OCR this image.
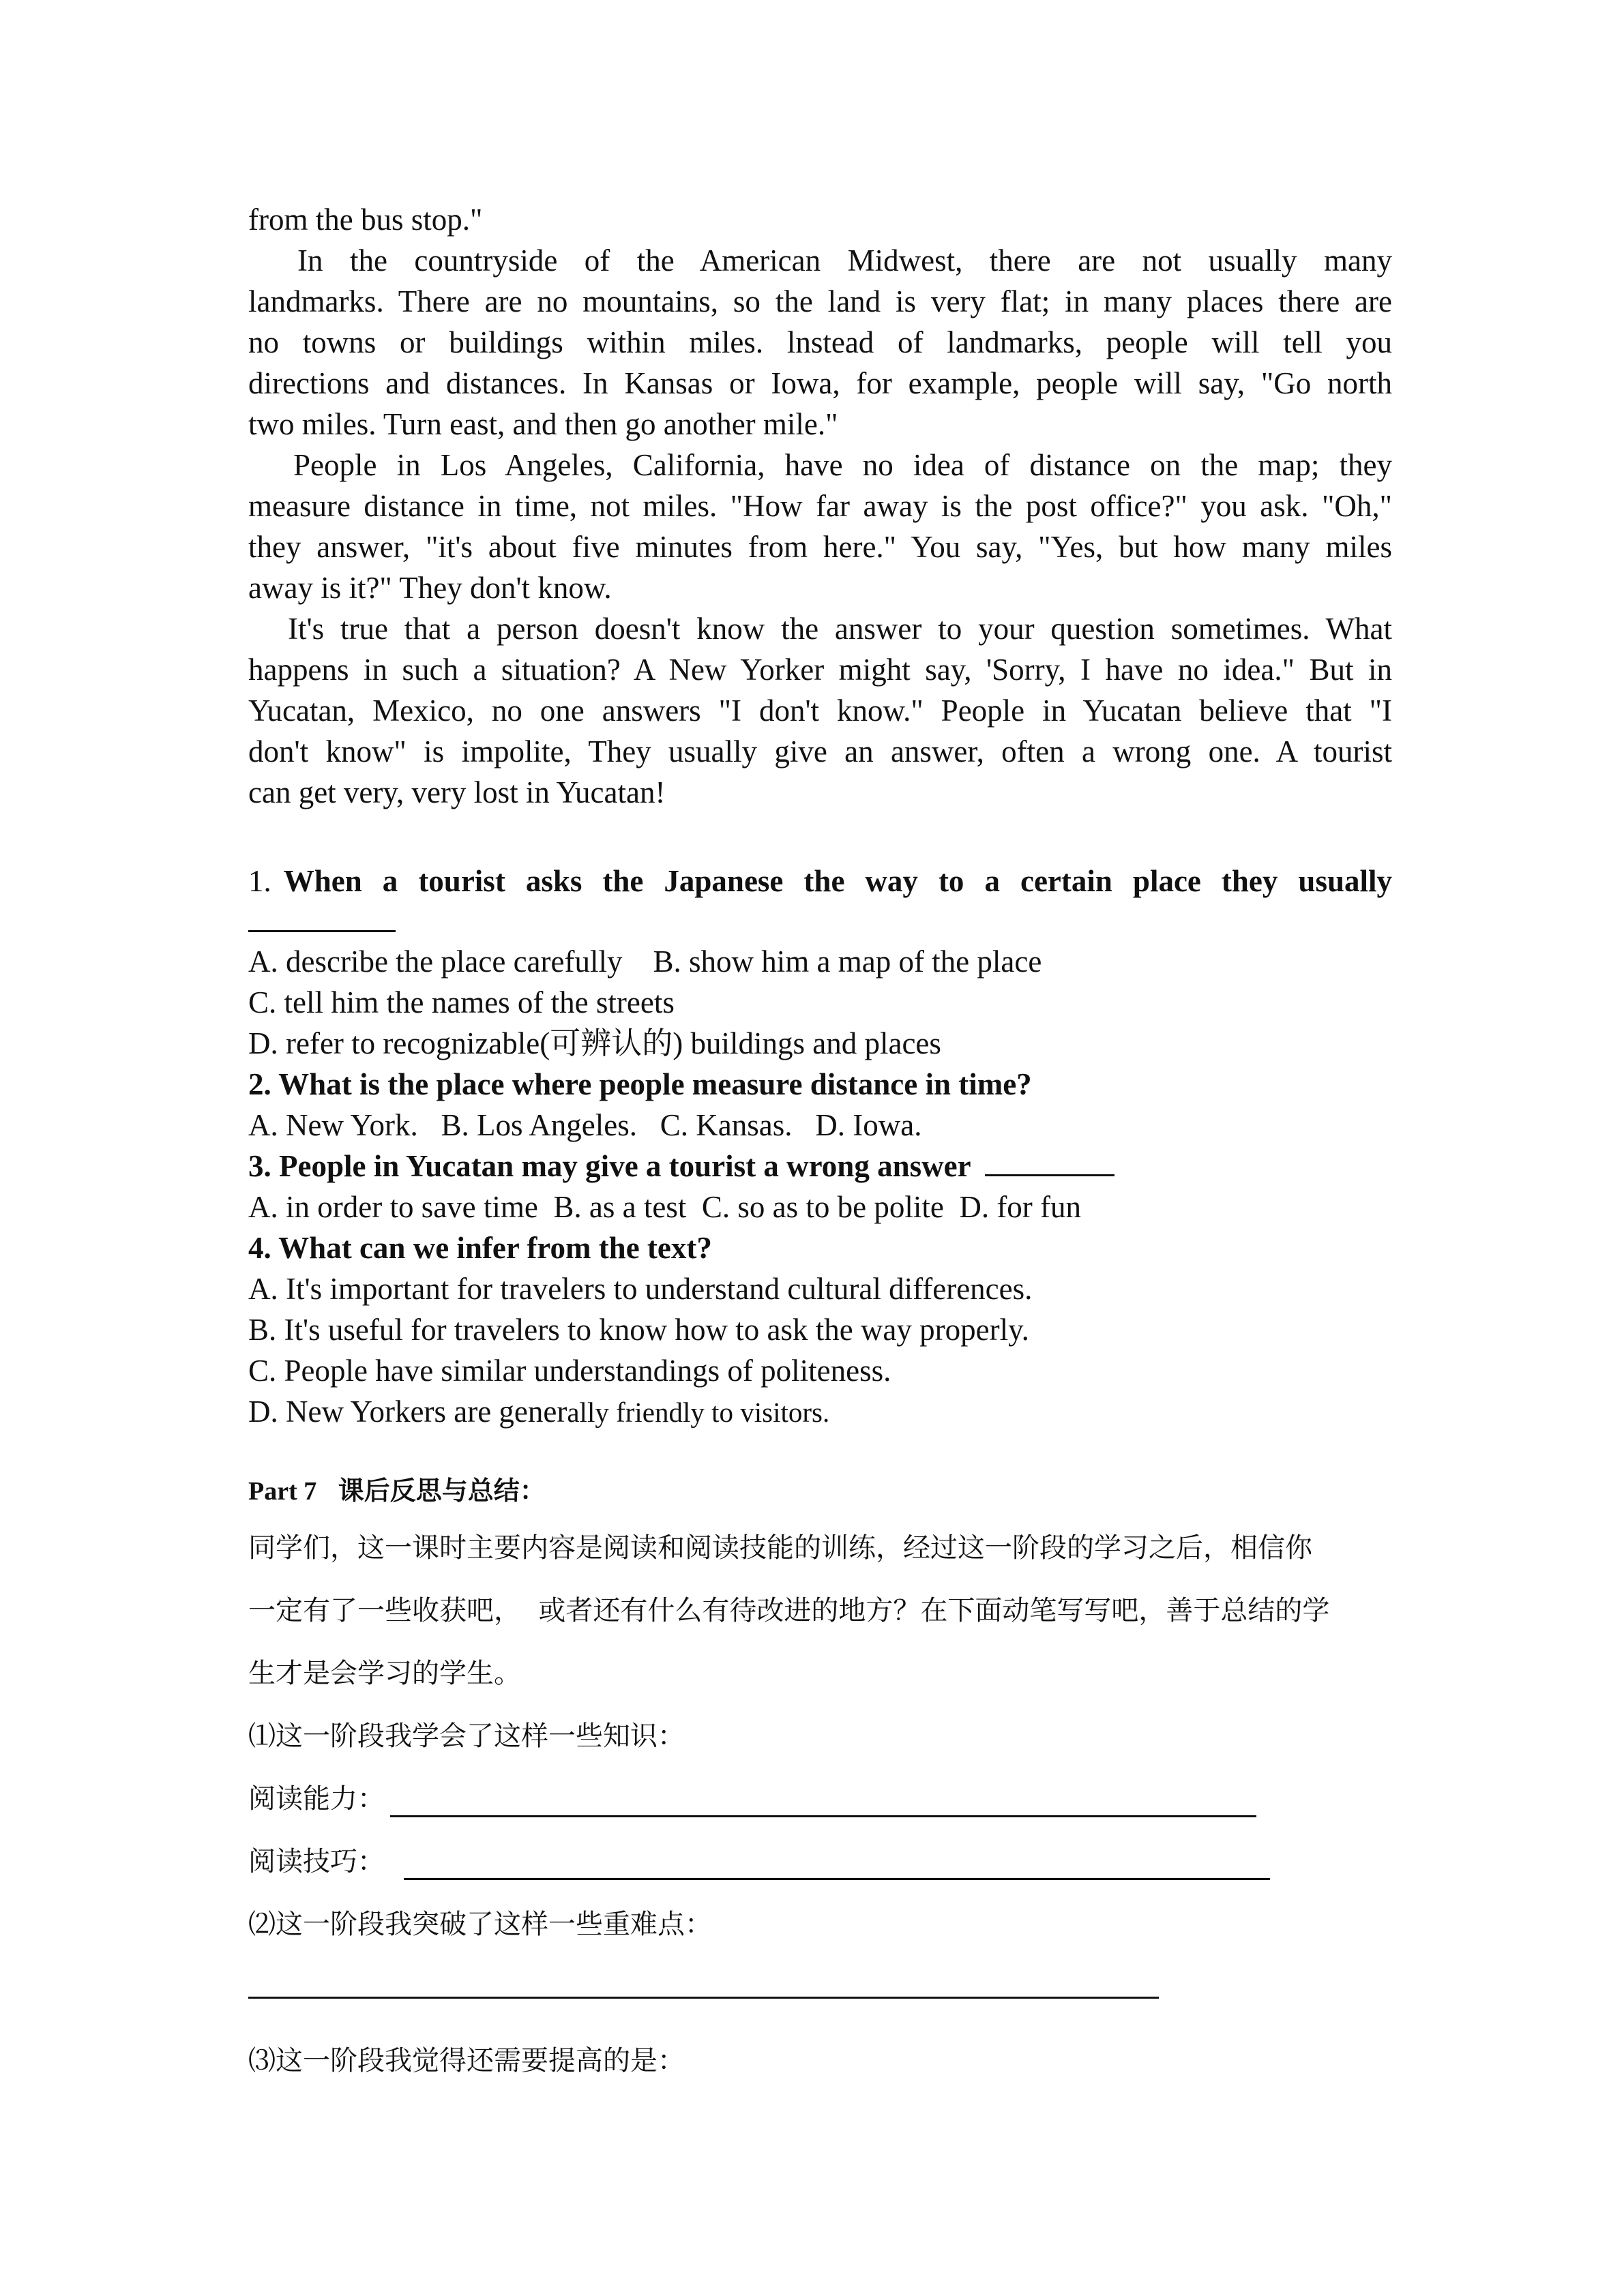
from the bus stop."
In the countryside of the American Midwest, there are not usually many
landmarks. There are no mountains, so the land is very flat; in many places there are
no towns or buildings within miles. lnstead of landmarks, people will tell you
directions and distances. In Kansas or Iowa, for example, people will say, "Go north
two miles. Turn east, and then go another mile."
People in Los Angeles, California, have no idea of distance on the map; they
measure distance in time, not miles. "How far away is the post office?" you ask. "Oh,"
they answer, "it's about five minutes from here." You say, "Yes, but how many miles
away is it?" They don't know.
It's true that a person doesn't know the answer to your question sometimes. What
happens in such a situation? A New Yorker might say, 'Sorry, I have no idea." But in
Yucatan, Mexico, no one answers "I don't know." People in Yucatan believe that "I
don't know" is impolite, They usually give an answer, often a wrong one. A tourist
can get very, very lost in Yucatan!
1. When a tourist asks the Japanese the way to a certain place they usually
A. describe the place carefully    B. show him a map of the place
C. tell him the names of the streets
D. refer to recognizable(可辨认的) buildings and places
2. What is the place where people measure distance in time?
A. New York.   B. Los Angeles.   C. Kansas.   D. Iowa.
3. People in Yucatan may give a tourist a wrong answer
A. in order to save time  B. as a test  C. so as to be polite  D. for fun
4. What can we infer from the text?
A. It's important for travelers to understand cultural differences.
B. It's useful for travelers to know how to ask the way properly.
C. People have similar understandings of politeness.
D. New Yorkers are generally friendly to visitors.
Part 7 课后反思与总结：
同学们，这一课时主要内容是阅读和阅读技能的训练，经过这一阶段的学习之后，相信你
一定有了一些收获吧，  或者还有什么有待改进的地方？在下面动笔写写吧，善于总结的学
生才是会学习的学生。
⑴这一阶段我学会了这样一些知识：
阅读能力：
阅读技巧：
⑵这一阶段我突破了这样一些重难点：
⑶这一阶段我觉得还需要提高的是：
